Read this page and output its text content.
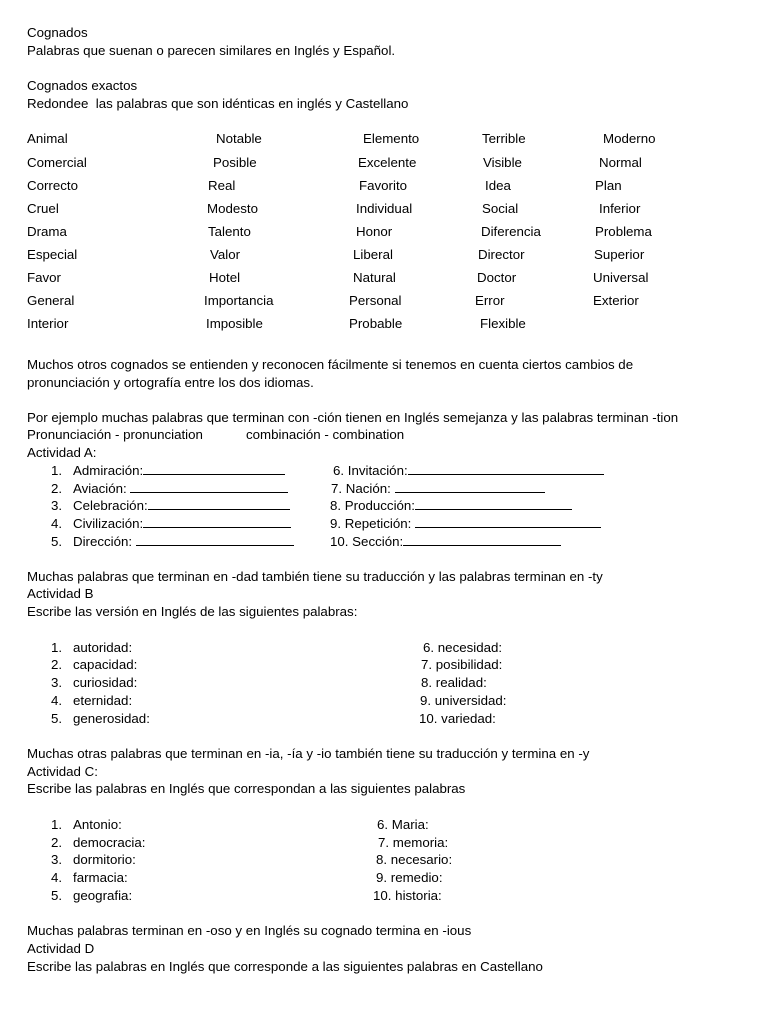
Cognados
Palabras que suenan o parecen similares en Inglés y Español.
Cognados exactos
Redondee  las palabras que son idénticas en inglés y Castellano
Animal
Comercial
Correcto
Cruel
Drama
Especial
Favor
General
Interior
Notable
Posible
Real
Modesto
Talento
Valor
Hotel
Importancia
Imposible
Elemento
Excelente
Favorito
Individual
Honor
Liberal
Natural
Personal
Probable
Terrible
Visible
Idea
Social
Diferencia
Director
Doctor
Error
Flexible
Moderno
Normal
Plan
Inferior
Problema
Superior
Universal
Exterior
Muchos otros cognados se entienden y reconocen fácilmente si tenemos en cuenta ciertos cambios de
pronunciación y ortografía entre los dos idiomas.
Por ejemplo muchas palabras que terminan con -ción tienen en Inglés semejanza y las palabras terminan -tion
Pronunciación - pronunciation	combinación - combination
Actividad A:
1. Admiración:
2. Aviación:
3. Celebración:
4. Civilización:
5. Dirección:
6. Invitación:
7. Nación:
8. Producción:
9. Repetición:
10. Sección:
Muchas palabras que terminan en -dad también tiene su traducción y las palabras terminan en -ty
Actividad B
Escribe las versión en Inglés de las siguientes palabras:
1. autoridad:
2. capacidad:
3. curiosidad:
4. eternidad:
5. generosidad:
6. necesidad:
7. posibilidad:
8. realidad:
9. universidad:
10. variedad:
Muchas otras palabras que terminan en -ia, -ía y -io también tiene su traducción y termina en -y
Actividad C:
Escribe las palabras en Inglés que correspondan a las siguientes palabras
1. Antonio:
2. democracia:
3. dormitorio:
4. farmacia:
5. geografia:
6. Maria:
7. memoria:
8. necesario:
9. remedio:
10. historia:
Muchas palabras terminan en -oso y en Inglés su cognado termina en -ious
Actividad D
Escribe las palabras en Inglés que corresponde a las siguientes palabras en Castellano
